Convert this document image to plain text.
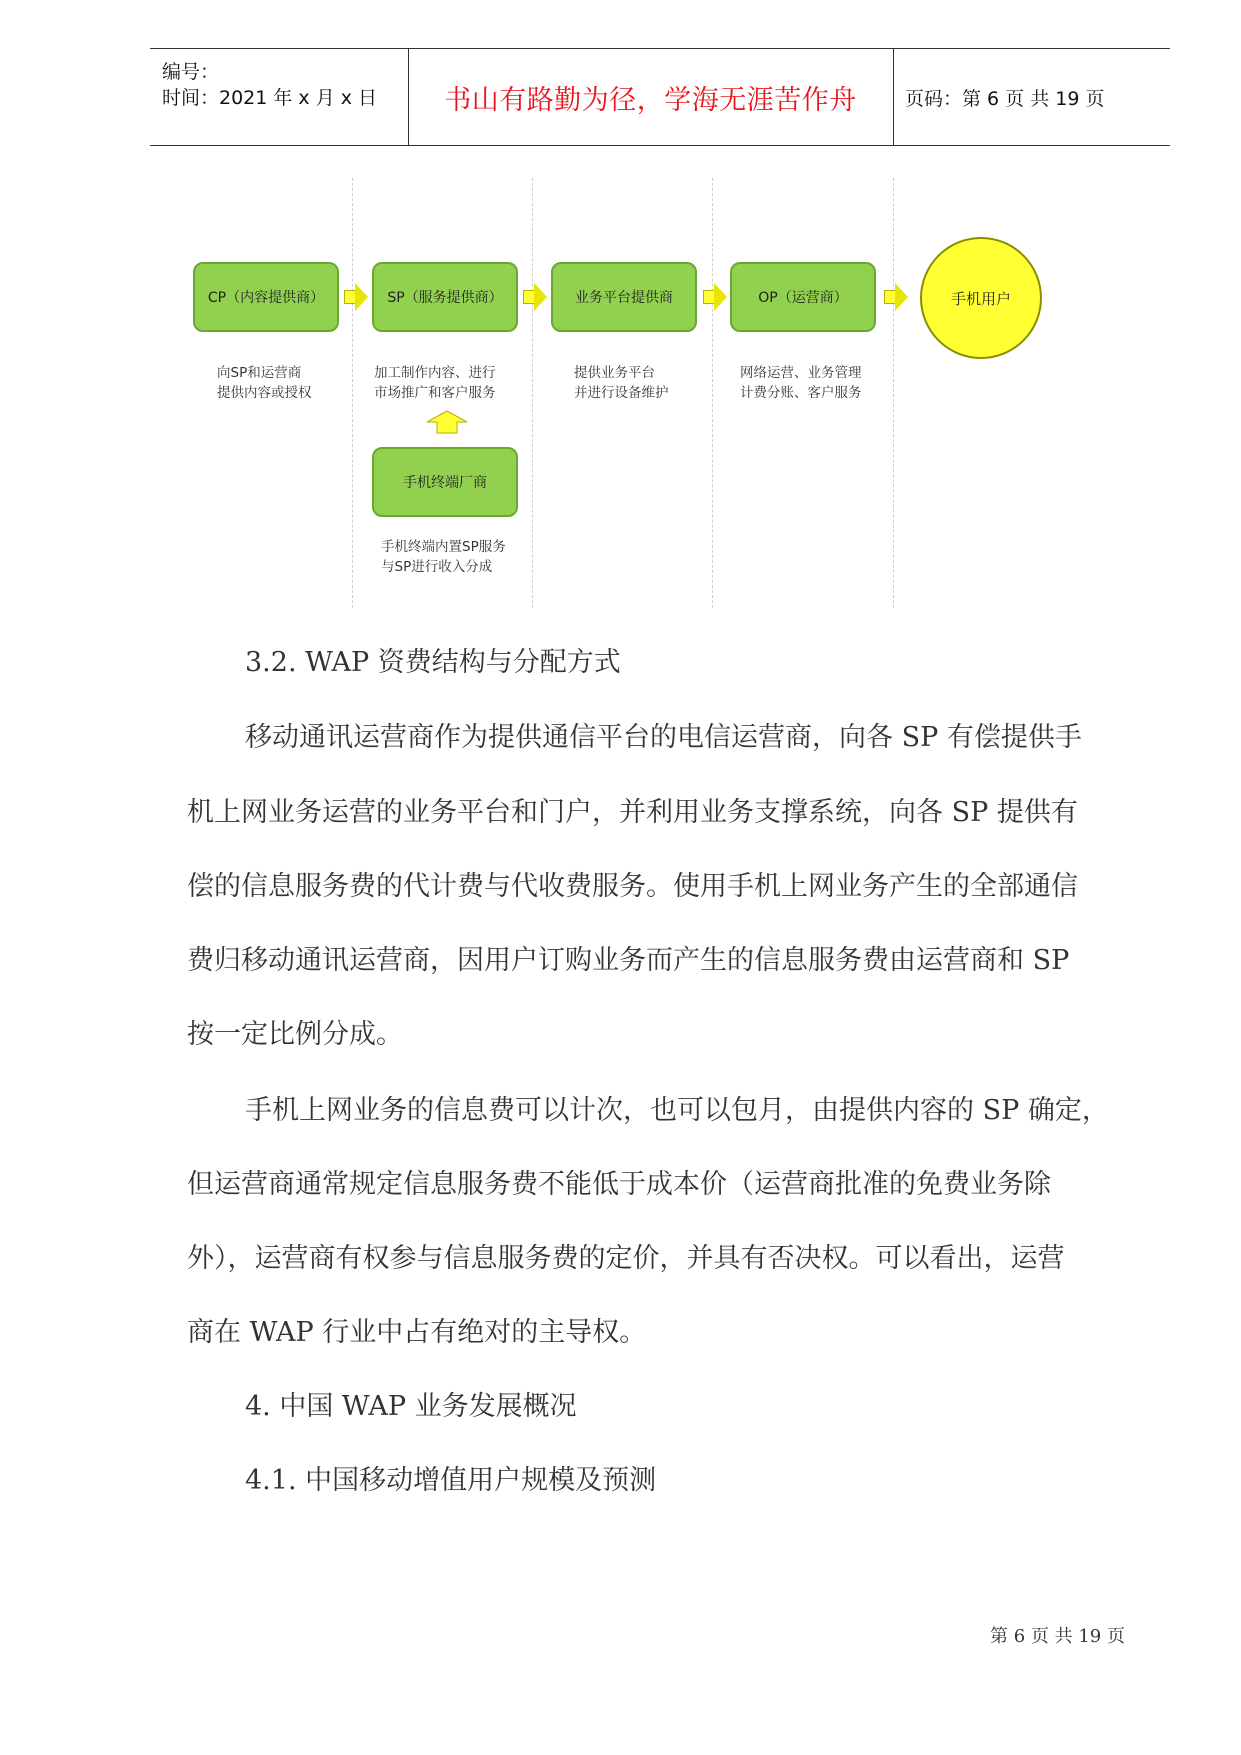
编号：
时间：2021 年 x 月 x 日 书山有路勤为径，学海无涯苦作舟	页码：第 6 页 共 19 页
CP（内容提供商）	SP（服务提供商）	业务平台提供商	OP（运营商）	手机用户
向SP和运营商
提供内容或授权
加工制作内容、进行
市场推广和客户服务
提供业务平台
并进行设备维护
网络运营、业务管理
计费分账、客户服务
手机终端厂商
手机终端内置SP服务
与SP进行收入分成
3.2. WAP 资费结构与分配方式
移动通讯运营商作为提供通信平台的电信运营商，向各 SP 有偿提供手
机上网业务运营的业务平台和门户，并利用业务支撑系统，向各 SP 提供有
偿的信息服务费的代计费与代收费服务。使用手机上网业务产生的全部通信
费归移动通讯运营商，因用户订购业务而产生的信息服务费由运营商和 SP
按一定比例分成。
手机上网业务的信息费可以计次，也可以包月，由提供内容的 SP 确定，
但运营商通常规定信息服务费不能低于成本价（运营商批准的免费业务除
外），运营商有权参与信息服务费的定价，并具有否决权。可以看出，运营
商在 WAP 行业中占有绝对的主导权。
4. 中国 WAP 业务发展概况
4.1. 中国移动增值用户规模及预测
第 6 页 共 19 页
